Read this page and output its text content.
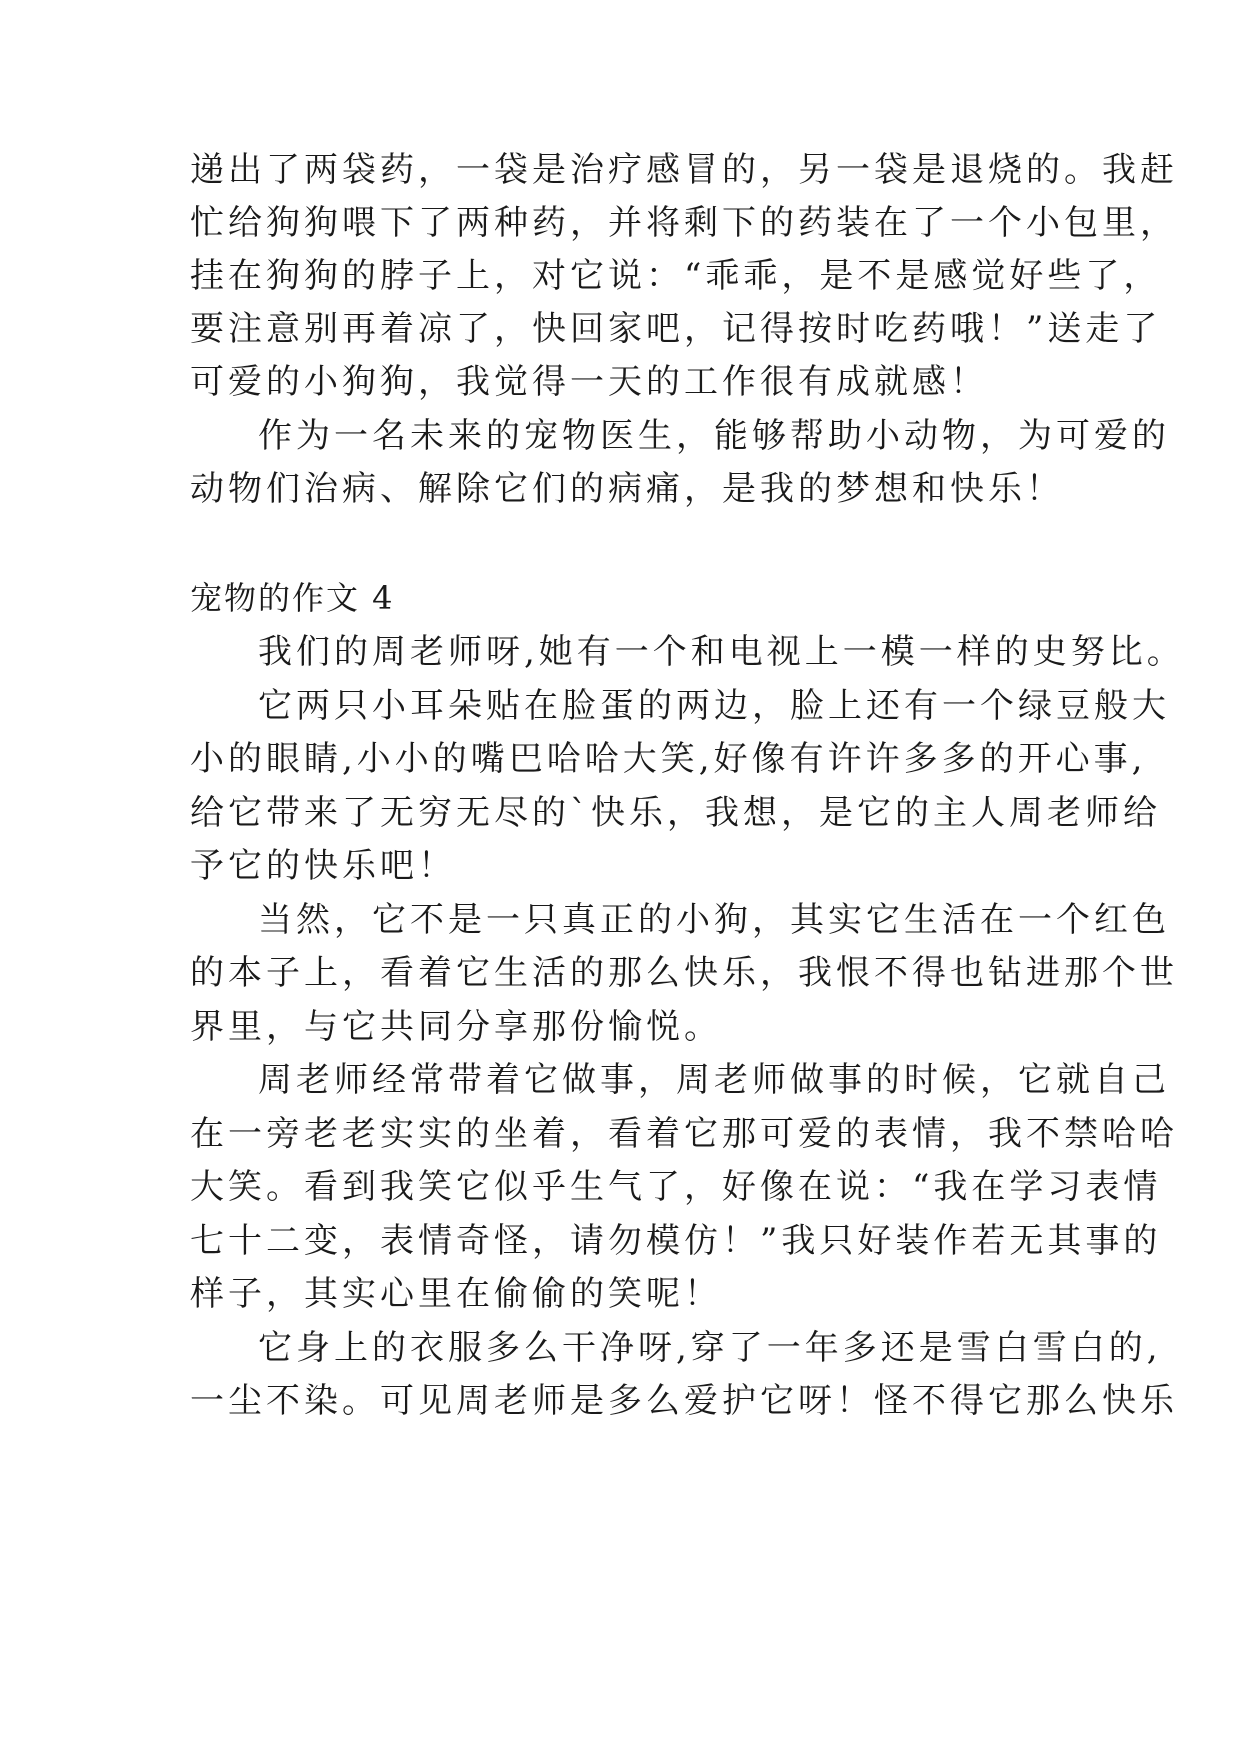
递出了两袋药，一袋是治疗感冒的，另一袋是退烧的。我赶
忙给狗狗喂下了两种药，并将剩下的药装在了一个小包里，
挂在狗狗的脖子上，对它说：“乖乖，是不是感觉好些了，
要注意别再着凉了，快回家吧，记得按时吃药哦！”送走了
可爱的小狗狗，我觉得一天的工作很有成就感！
作为一名未来的宠物医生，能够帮助小动物，为可爱的
动物们治病、解除它们的病痛，是我的梦想和快乐！
宠物的作文 4
我们的周老师呀,她有一个和电视上一模一样的史努比。
它两只小耳朵贴在脸蛋的两边，脸上还有一个绿豆般大
小的眼睛,小小的嘴巴哈哈大笑,好像有许许多多的开心事,
给它带来了无穷无尽的`快乐，我想，是它的主人周老师给
予它的快乐吧！
当然，它不是一只真正的小狗，其实它生活在一个红色
的本子上，看着它生活的那么快乐，我恨不得也钻进那个世
界里，与它共同分享那份愉悦。
周老师经常带着它做事，周老师做事的时候，它就自己
在一旁老老实实的坐着，看着它那可爱的表情，我不禁哈哈
大笑。看到我笑它似乎生气了，好像在说：“我在学习表情
七十二变，表情奇怪，请勿模仿！”我只好装作若无其事的
样子，其实心里在偷偷的笑呢！
它身上的衣服多么干净呀,穿了一年多还是雪白雪白的,
一尘不染。可见周老师是多么爱护它呀！怪不得它那么快乐
